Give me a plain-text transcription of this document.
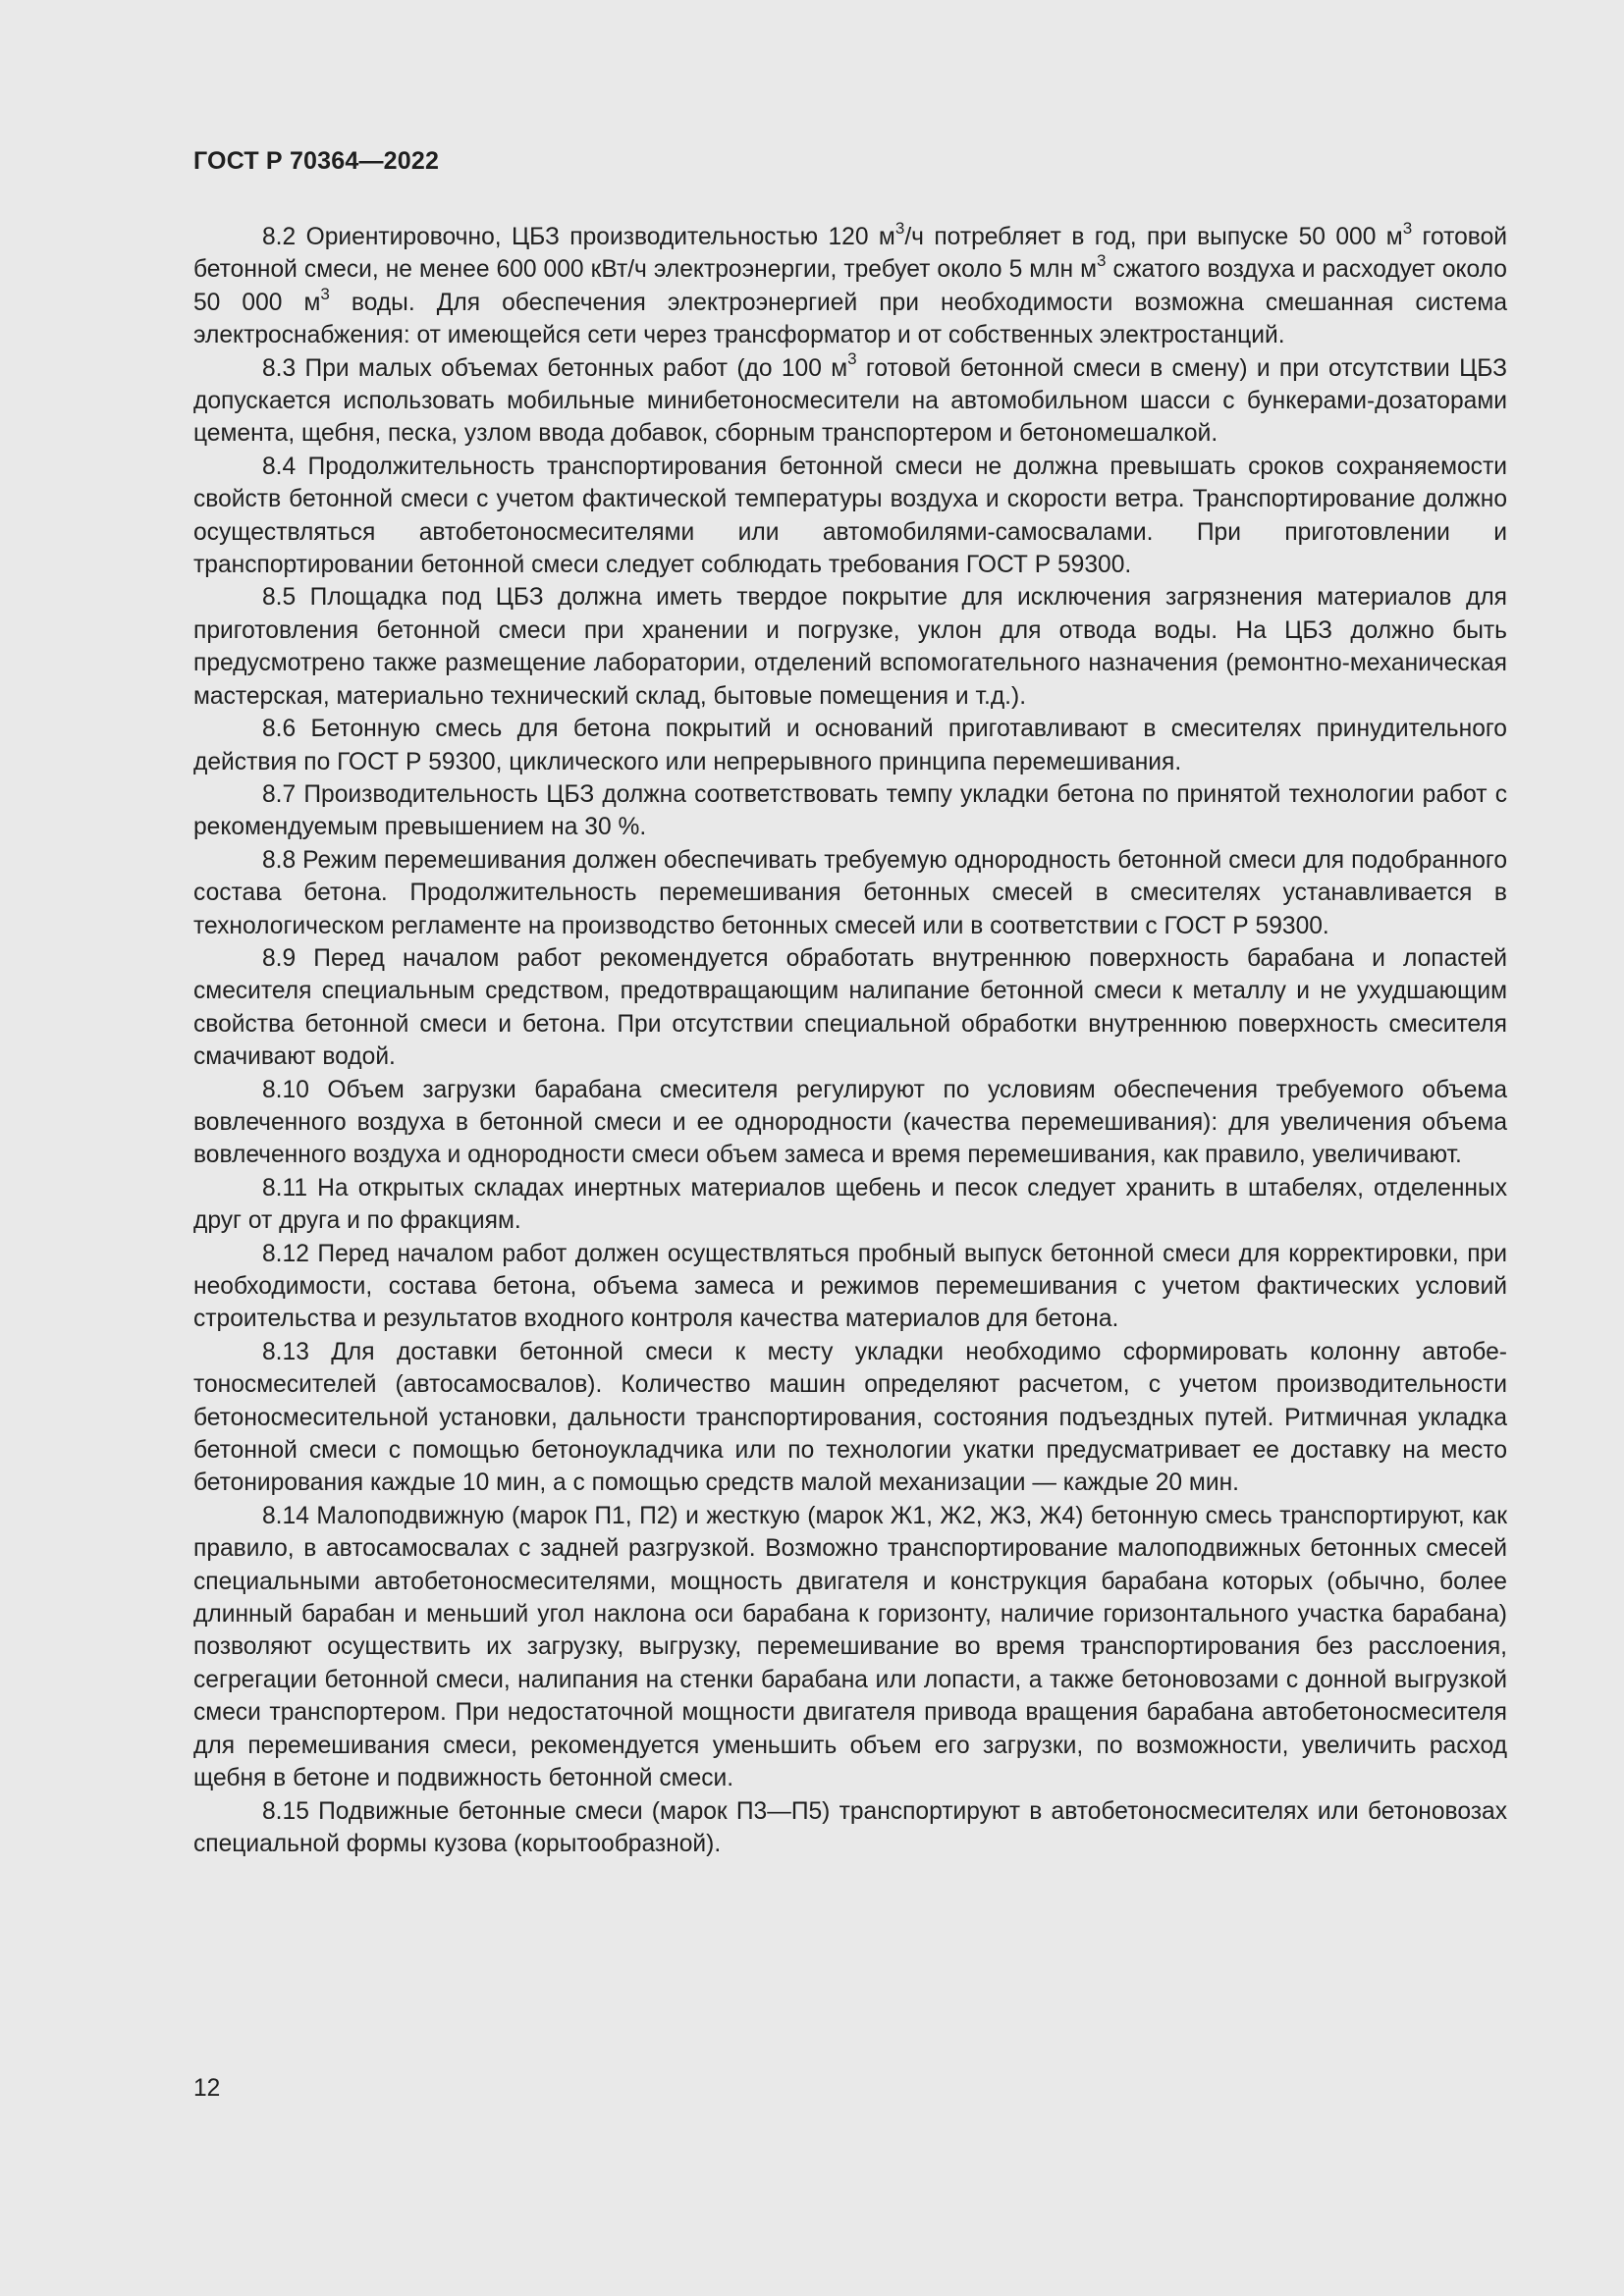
ГОСТ Р 70364—2022

8.2 Ориентировочно, ЦБЗ производительностью 120 $м^3/ч$ потребляет в год, при выпуске 50 000 $м^3$ готовой бетонной смеси, не менее 600 000 кВт/ч электроэнергии, требует около 5 млн $м^3$ сжатого воздуха и расходует около 50 000 $м^3$ воды. Для обеспечения электроэнергией при необходимости возможна смешанная система электроснабжения: от имеющейся сети через трансформатор и от собственных электростанций.

8.3 При малых объемах бетонных работ (до 100 $м^3$ готовой бетонной смеси в смену) и при отсутствии ЦБЗ допускается использовать мобильные минибетоносмесители на автомобильном шасси с бункерами-дозаторами цемента, щебня, песка, узлом ввода добавок, сборным транспортером и бетономешалкой.

8.4 Продолжительность транспортирования бетонной смеси не должна превышать сроков сохраняемости свойств бетонной смеси с учетом фактической температуры воздуха и скорости ветра. Транспортирование должно осуществляться автобетоносмесителями или автомобилями-самосвалами. При приготовлении и транспортировании бетонной смеси следует соблюдать требования ГОСТ Р 59300.

8.5 Площадка под ЦБЗ должна иметь твердое покрытие для исключения загрязнения материалов для приготовления бетонной смеси при хранении и погрузке, уклон для отвода воды. На ЦБЗ должно быть предусмотрено также размещение лаборатории, отделений вспомогательного назначения (ремонтно-механическая мастерская, материально технический склад, бытовые помещения и т.д.).

8.6 Бетонную смесь для бетона покрытий и оснований приготавливают в смесителях принудительного действия по ГОСТ Р 59300, циклического или непрерывного принципа перемешивания.

8.7 Производительность ЦБЗ должна соответствовать темпу укладки бетона по принятой технологии работ с рекомендуемым превышением на 30 %.

8.8 Режим перемешивания должен обеспечивать требуемую однородность бетонной смеси для подобранного состава бетона. Продолжительность перемешивания бетонных смесей в смесителях устанавливается в технологическом регламенте на производство бетонных смесей или в соответствии с ГОСТ Р 59300.

8.9 Перед началом работ рекомендуется обработать внутреннюю поверхность барабана и лопастей смесителя специальным средством, предотвращающим налипание бетонной смеси к металлу и не ухудшающим свойства бетонной смеси и бетона. При отсутствии специальной обработки внутреннюю поверхность смесителя смачивают водой.

8.10 Объем загрузки барабана смесителя регулируют по условиям обеспечения требуемого объема вовлеченного воздуха в бетонной смеси и ее однородности (качества перемешивания): для увеличения объема вовлеченного воздуха и однородности смеси объем замеса и время перемешивания, как правило, увеличивают.

8.11 На открытых складах инертных материалов щебень и песок следует хранить в штабелях, отделенных друг от друга и по фракциям.

8.12 Перед началом работ должен осуществляться пробный выпуск бетонной смеси для корректировки, при необходимости, состава бетона, объема замеса и режимов перемешивания с учетом фактических условий строительства и результатов входного контроля качества материалов для бетона.

8.13 Для доставки бетонной смеси к месту укладки необходимо сформировать колонну автобетоносмесителей (автосамосвалов). Количество машин определяют расчетом, с учетом производительности бетоносмесительной установки, дальности транспортирования, состояния подъездных путей. Ритмичная укладка бетонной смеси с помощью бетоноукладчика или по технологии укатки предусматривает ее доставку на место бетонирования каждые 10 мин, а с помощью средств малой механизации — каждые 20 мин.

8.14 Малоподвижную (марок П1, П2) и жесткую (марок Ж1, Ж2, Ж3, Ж4) бетонную смесь транспортируют, как правило, в автосамосвалах с задней разгрузкой. Возможно транспортирование малоподвижных бетонных смесей специальными автобетоносмесителями, мощность двигателя и конструкция барабана которых (обычно, более длинный барабан и меньший угол наклона оси барабана к горизонту, наличие горизонтального участка барабана) позволяют осуществить их загрузку, выгрузку, перемешивание во время транспортирования без расслоения, сегрегации бетонной смеси, налипания на стенки барабана или лопасти, а также бетоновозами с донной выгрузкой смеси транспортером. При недостаточной мощности двигателя привода вращения барабана автобетоносмесителя для перемешивания смеси, рекомендуется уменьшить объем его загрузки, по возможности, увеличить расход щебня в бетоне и подвижность бетонной смеси.

8.15 Подвижные бетонные смеси (марок П3—П5) транспортируют в автобетоносмесителях или бетоновозах специальной формы кузова (корытообразной).

12
